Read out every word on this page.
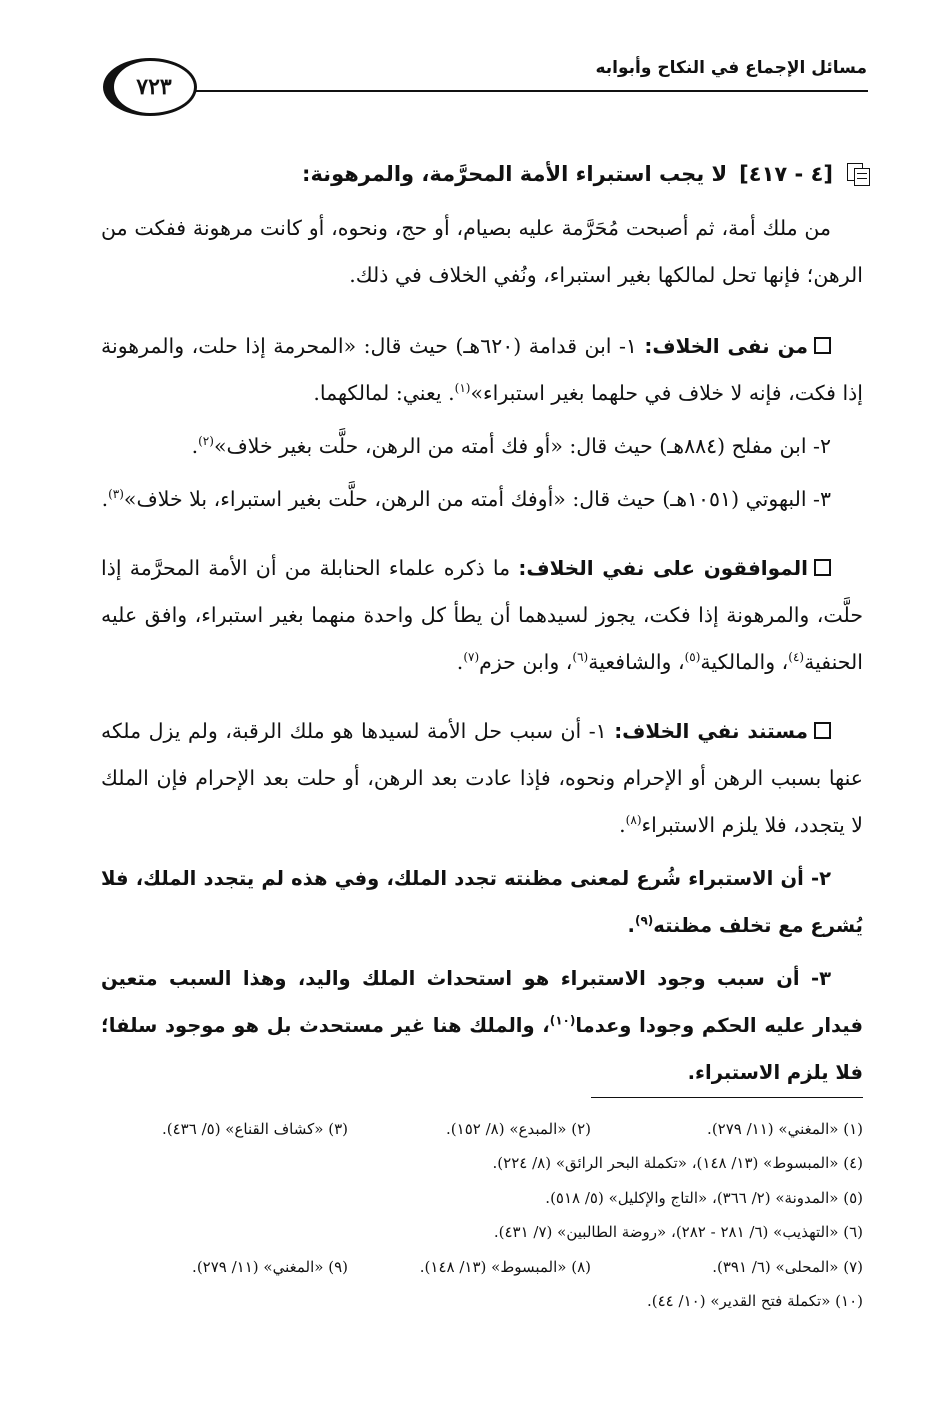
مسائل الإجماع في النكاح وأبوابه
٧٢٣
[٤ - ٤١٧]
لا يجب استبراء الأمة المحرَّمة، والمرهونة:

من ملك أمة، ثم أصبحت مُحَرَّمة عليه بصيام، أو حج، ونحوه، أو كانت مرهونة ففكت من الرهن؛ فإنها تحل لمالكها بغير استبراء، ونُفي الخلاف في ذلك.

من نفى الخلاف: ١- ابن قدامة (٦٢٠هـ) حيث قال: «المحرمة إذا حلت، والمرهونة إذا فكت، فإنه لا خلاف في حلهما بغير استبراء»$^{(١)}$. يعني: لمالكهما.
٢- ابن مفلح (٨٨٤هـ) حيث قال: «أو فك أمته من الرهن، حلَّت بغير خلاف»$^{(٢)}$.
٣- البهوتي (١٠٥١هـ) حيث قال: «أوفك أمته من الرهن، حلَّت بغير استبراء، بلا خلاف»$^{(٣)}$.

الموافقون على نفي الخلاف: ما ذكره علماء الحنابلة من أن الأمة المحرَّمة إذا حلَّت، والمرهونة إذا فكت، يجوز لسيدهما أن يطأ كل واحدة منهما بغير استبراء، وافق عليه الحنفية$^{(٤)}$، والمالكية$^{(٥)}$، والشافعية$^{(٦)}$، وابن حزم$^{(٧)}$.

مستند نفي الخلاف: ١- أن سبب حل الأمة لسيدها هو ملك الرقبة، ولم يزل ملكه عنها بسبب الرهن أو الإحرام ونحوه، فإذا عادت بعد الرهن، أو حلت بعد الإحرام فإن الملك لا يتجدد، فلا يلزم الاستبراء$^{(٨)}$.
٢- أن الاستبراء شُرع لمعنى مظنته تجدد الملك، وفي هذه لم يتجدد الملك، فلا يُشرع مع تخلف مظنته$^{(٩)}$.
٣- أن سبب وجود الاستبراء هو استحداث الملك واليد، وهذا السبب متعين فيدار عليه الحكم وجودا وعدما$^{(١٠)}$، والملك هنا غير مستحدث بل هو موجود سلفا؛ فلا يلزم الاستبراء.
(١) «المغني» (١١/ ٢٧٩).
(٢) «المبدع» (٨/ ١٥٢).
(٣) «كشاف القناع» (٥/ ٤٣٦).
(٤) «المبسوط» (١٣/ ١٤٨)، «تكملة البحر الرائق» (٨/ ٢٢٤).
(٥) «المدونة» (٢/ ٣٦٦)، «التاج والإكليل» (٥/ ٥١٨).
(٦) «التهذيب» (٦/ ٢٨١ - ٢٨٢)، «روضة الطالبين» (٧/ ٤٣١).
(٧) «المحلى» (٦/ ٣٩١).
(٨) «المبسوط» (١٣/ ١٤٨).
(٩) «المغني» (١١/ ٢٧٩).
(١٠) «تكملة فتح القدير» (١٠/ ٤٤).
